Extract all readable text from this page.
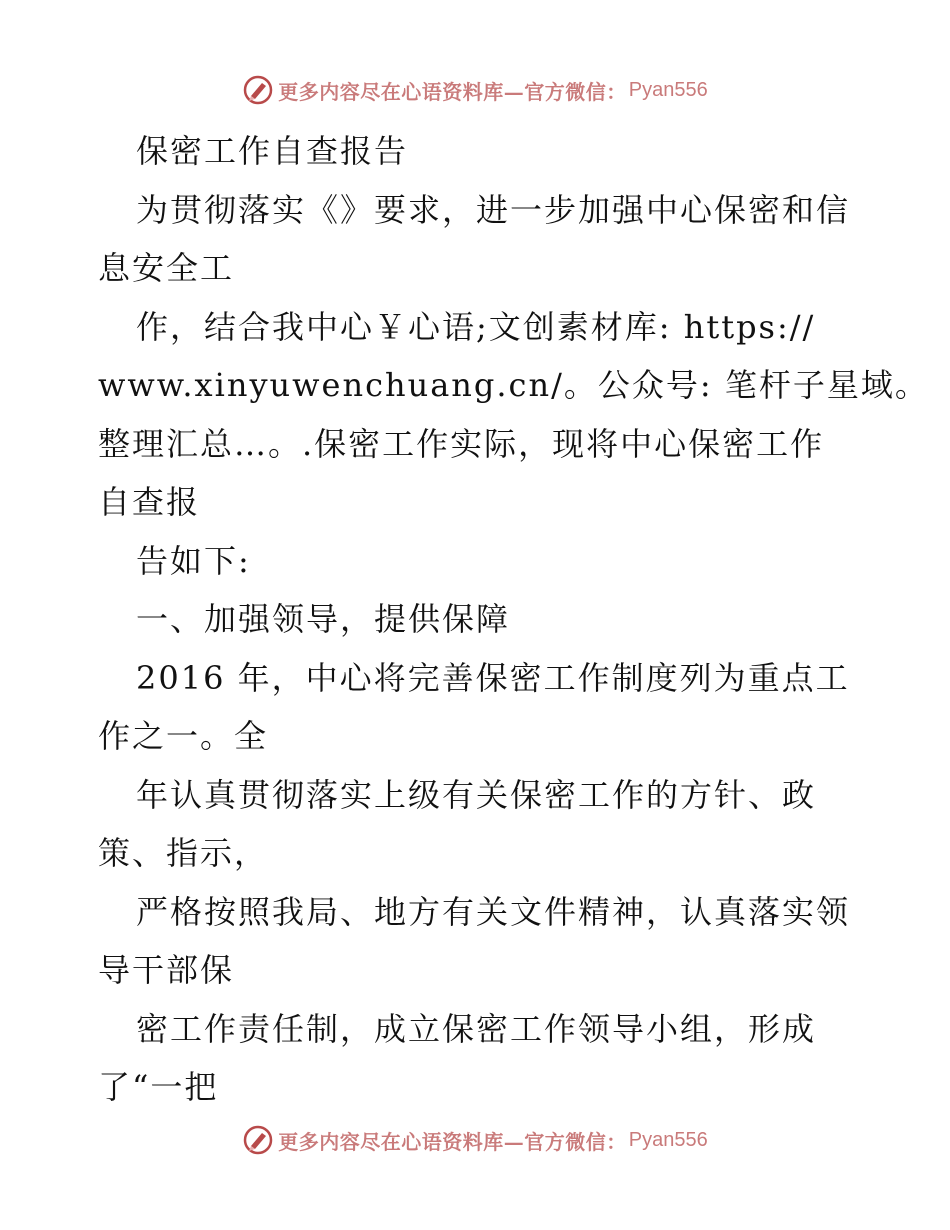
更多内容尽在心语资料库—官方微信： Pyan556
保密工作自查报告
为贯彻落实《》要求，进一步加强中心保密和信
息安全工
作，结合我中心￥心语;文创素材库: https://
www.xinyuwenchuang.cn/。公众号: 笔杆子星域。
整理汇总…。.保密工作实际，现将中心保密工作
自查报
告如下:
一、加强领导，提供保障
2016 年，中心将完善保密工作制度列为重点工
作之一。全
年认真贯彻落实上级有关保密工作的方针、政
策、指示，
严格按照我局、地方有关文件精神，认真落实领
导干部保
密工作责任制，成立保密工作领导小组，形成
了“一把
更多内容尽在心语资料库—官方微信： Pyan556
